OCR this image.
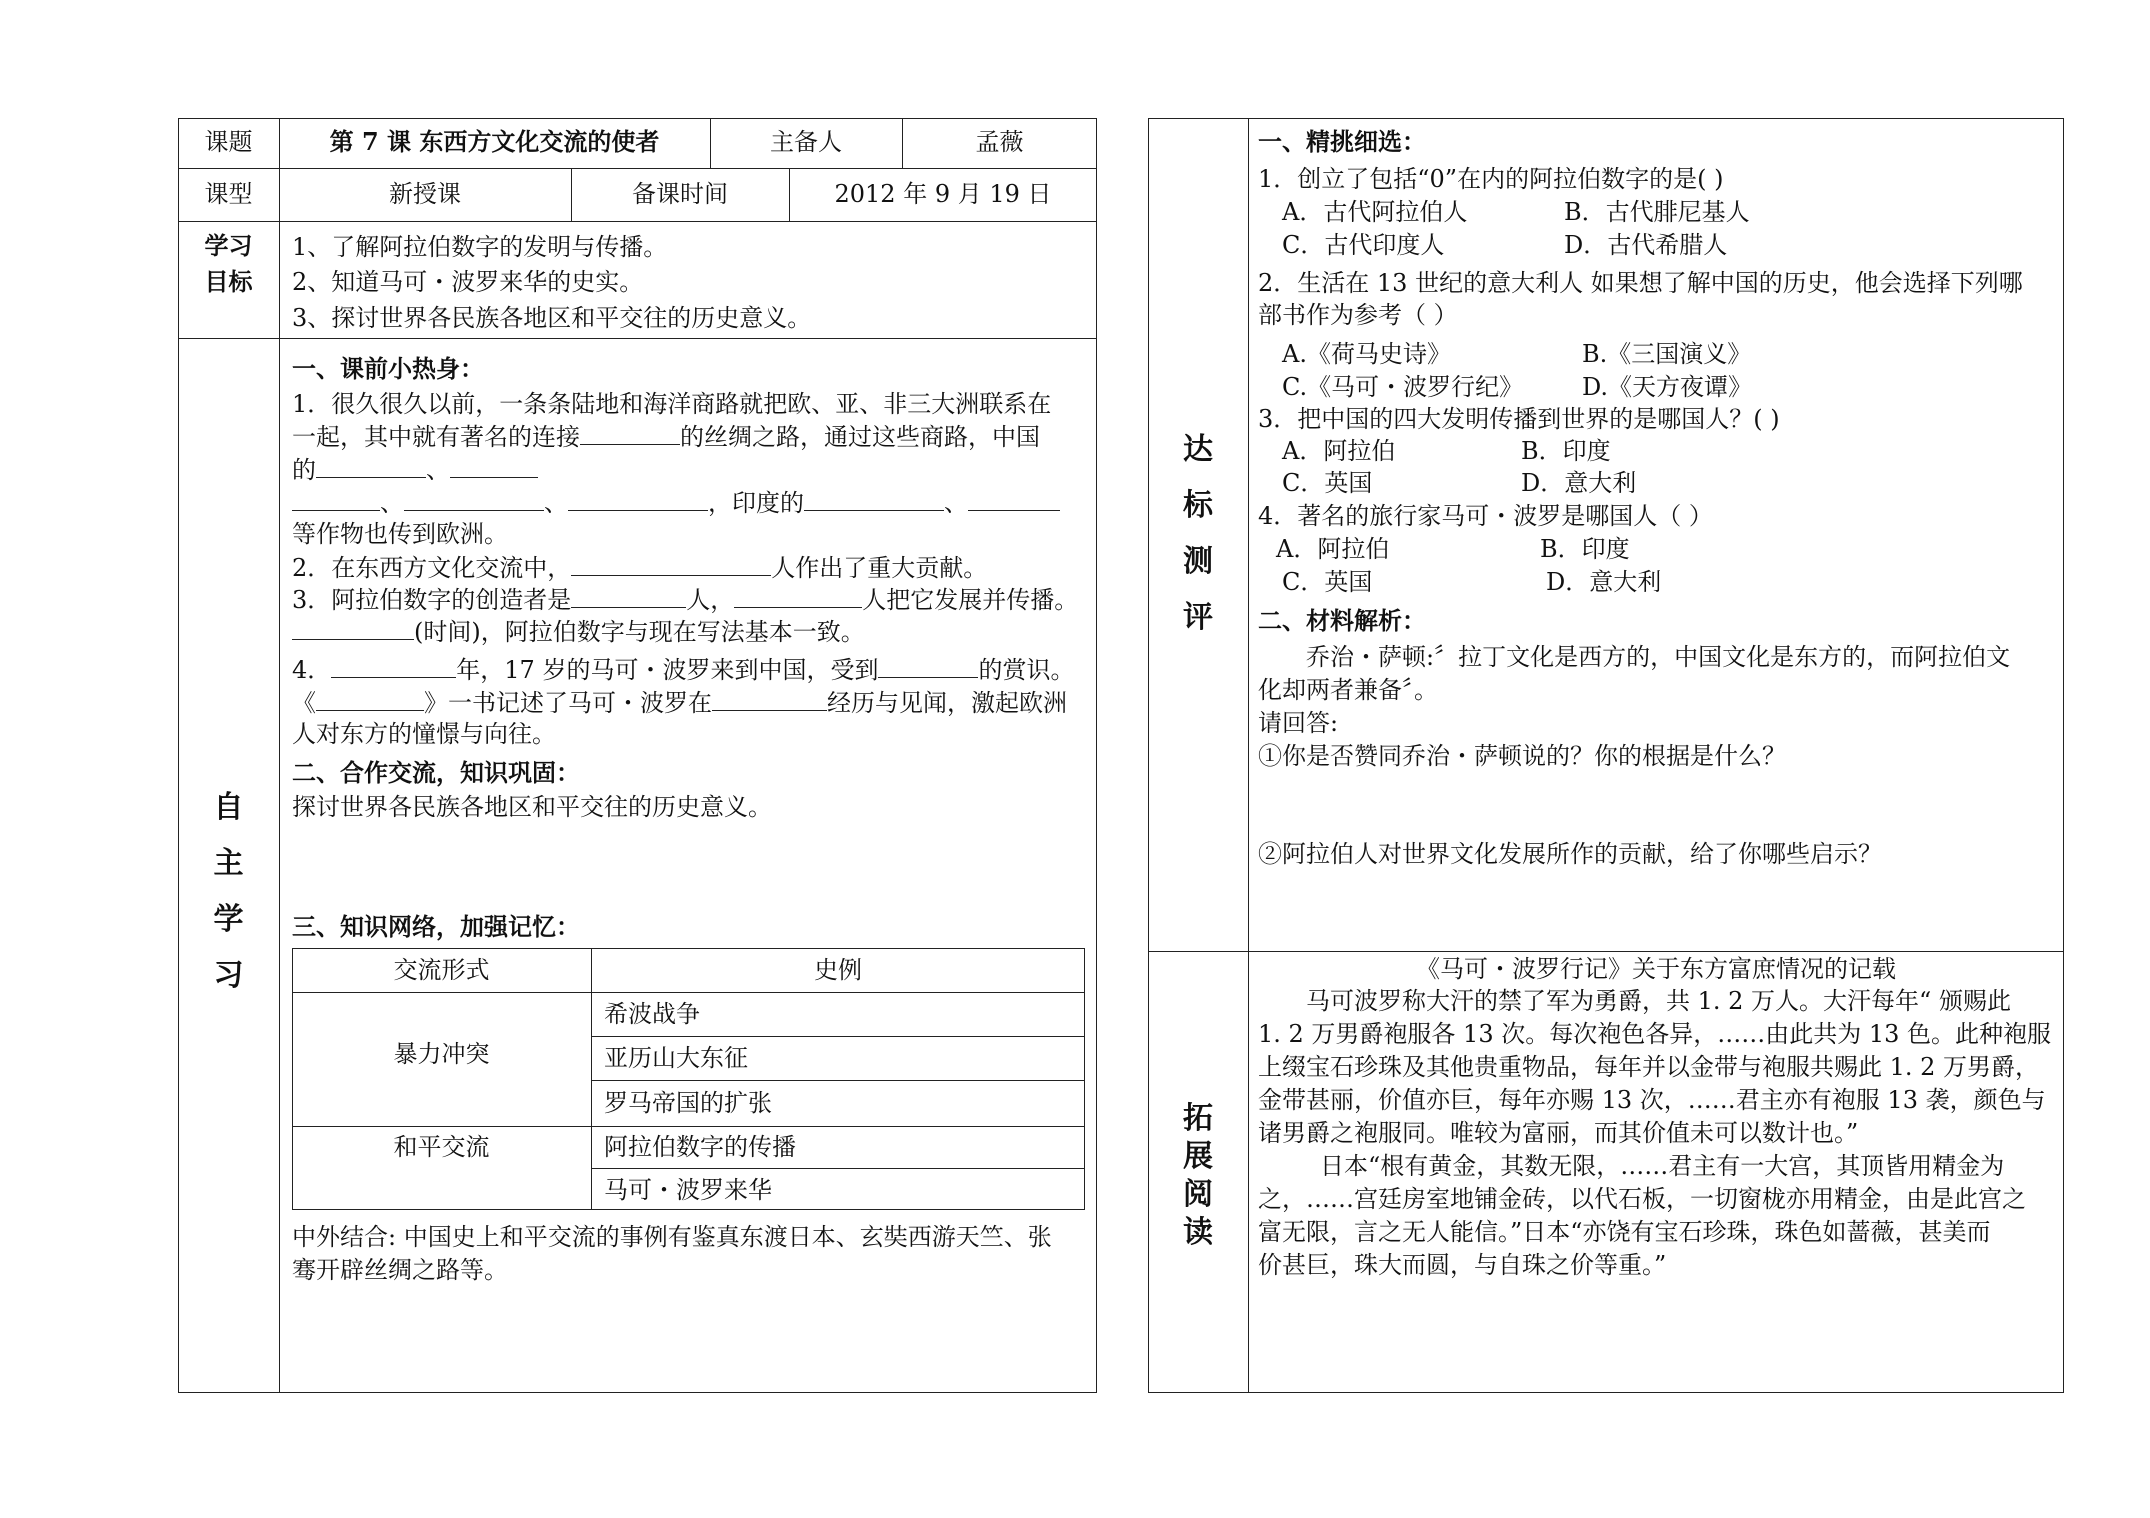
课题	第 7 课 东西方文化交流的使者	主备人	孟薇
课型	新授课	备课时间	2012 年 9 月 19 日
学习
目标
1、了解阿拉伯数字的发明与传播。
2、知道马可・波罗来华的史实。
3、探讨世界各民族各地区和平交往的历史意义。
自
主
学
习
一、课前小热身：
1．很久很久以前，一条条陆地和海洋商路就把欧、亚、非三大洲联系在
一起，其中就有著名的连接	的丝绸之路，通过这些商路，中国
的	、
、	、	，印度的	、
等作物也传到欧洲。
2．在东西方文化交流中，	人作出了重大贡献。
3．阿拉伯数字的创造者是	人，	人把它发展并传播。
(时间)，阿拉伯数字与现在写法基本一致。
4．	年，17 岁的马可・波罗来到中国，受到	的赏识。
《	》一书记述了马可・波罗在	经历与见闻，激起欧洲
人对东方的憧憬与向往。
二、合作交流，知识巩固：
探讨世界各民族各地区和平交往的历史意义。
三、知识网络，加强记忆：
交流形式	史例
暴力冲突
希波战争
亚历山大东征
罗马帝国的扩张
和平交流	阿拉伯数字的传播
马可・波罗来华
中外结合: 中国史上和平交流的事例有鉴真东渡日本、玄奘西游天竺、张
骞开辟丝绸之路等。
达
标
测
评
拓
展
阅
读
一、精挑细选：
1．创立了包括“0”在内的阿拉伯数字的是( )
A．古代阿拉伯人	B．古代腓尼基人
C．古代印度人	D．古代希腊人
2．生活在 13 世纪的意大利人 如果想了解中国的历史，他会选择下列哪
部书作为参考（ ）
A.《荷马史诗》	B.《三国演义》
C.《马可・波罗行纪》 D.《天方夜谭》
3．把中国的四大发明传播到世界的是哪国人？( )
A．阿拉伯	B．印度
C．英国	D．意大利
4．著名的旅行家马可・波罗是哪国人（ ）
A．阿拉伯	B．印度
C．英国	D．意大利
二、材料解析：
乔治・萨顿:〞拉丁文化是西方的，中国文化是东方的，而阿拉伯文
化却两者兼备〞。
请回答:
①你是否赞同乔治・萨顿说的？你的根据是什么？
②阿拉伯人对世界文化发展所作的贡献，给了你哪些启示？
《马可・波罗行记》关于东方富庶情况的记载
马可波罗称大汗的禁了军为勇爵，共 1. 2 万人。大汗每年“ 颁赐此
1. 2 万男爵袍服各 13 次。每次袍色各异，……由此共为 13 色。此种袍服
上缀宝石珍珠及其他贵重物品，每年并以金带与袍服共赐此 1. 2 万男爵，
金带甚丽，价值亦巨，每年亦赐 13 次，……君主亦有袍服 13 袭，颜色与
诸男爵之袍服同。唯较为富丽，而其价值未可以数计也。”
日本“根有黄金，其数无限，……君主有一大宫，其顶皆用精金为
之，……宫廷房室地铺金砖，以代石板，一切窗栊亦用精金，由是此宫之
富无限，言之无人能信。”日本“亦饶有宝石珍珠，珠色如蔷薇，甚美而
价甚巨，珠大而圆，与自珠之价等重。”
